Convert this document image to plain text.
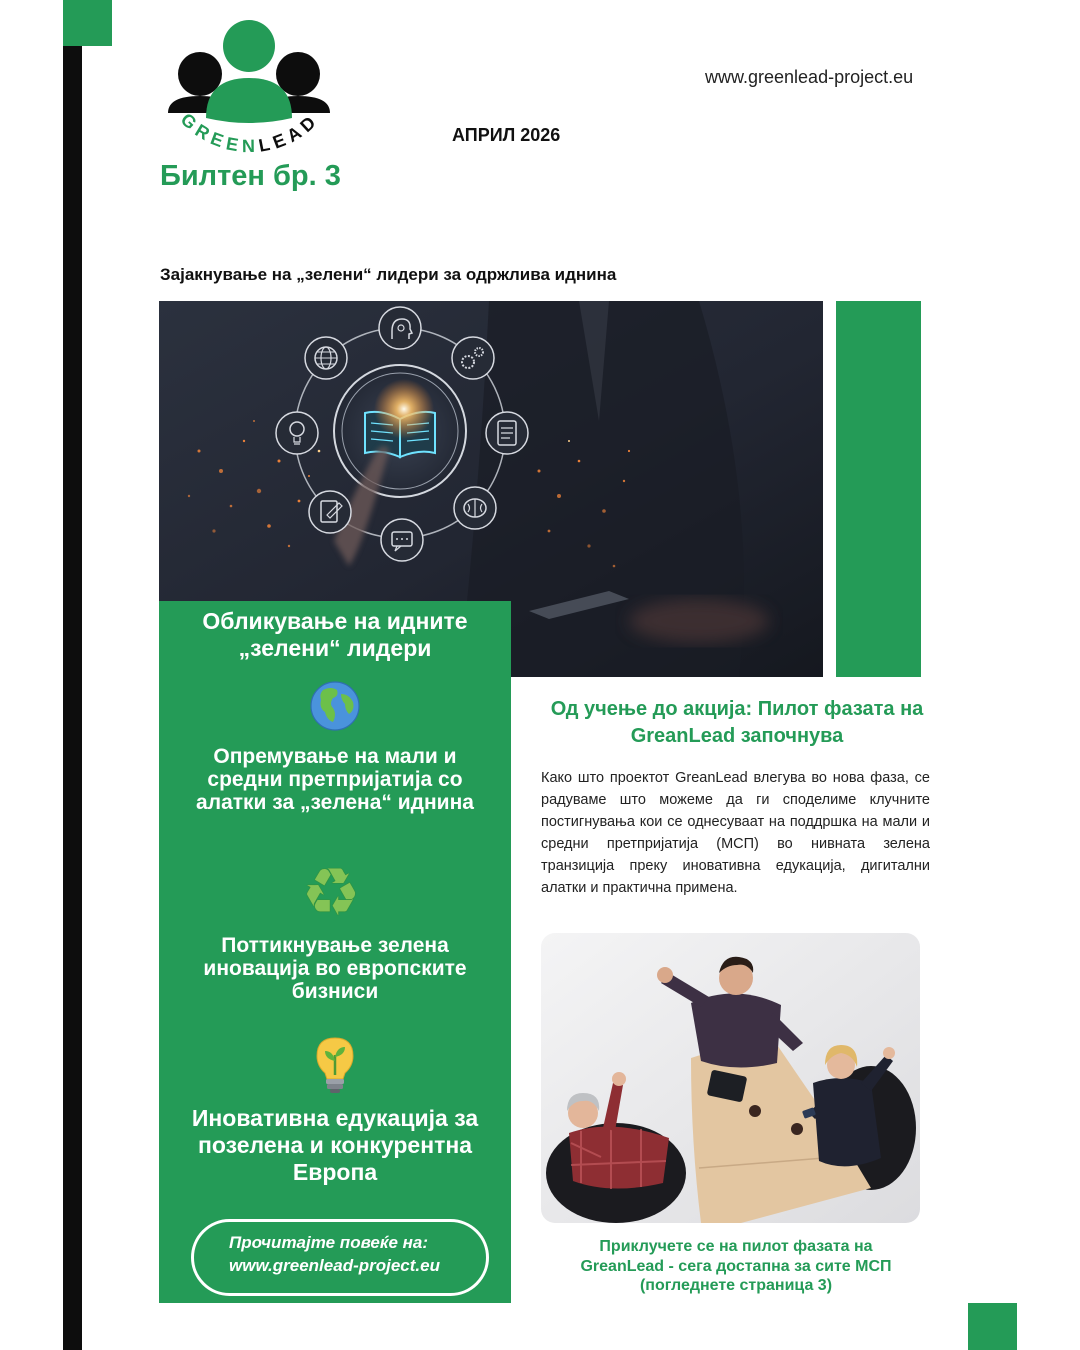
GREENLEAD
Билтен бр. 3
АПРИЛ 2026
www.greenlead-project.eu
Зајакнување на „зелени“ лидери за одржлива иднина
Обликување на идните „зелени“ лидери
Опремување на мали и средни претпријатија со алатки за „зелена“ иднина
♻
Поттикнување зелена иновација во европските бизниси
Иновативна едукација за позелена и конкурентна Европа
Прочитајте повеќе на:
www.greenlead-project.eu
Од учење до акција: Пилот фазата на GreanLead започнува
Како што проектот GreanLead влегува во нова фаза, се радуваме што можеме да ги споделиме клучните постигнувања кои се однесуваат на поддршка на мали и средни претпријатија (МСП) во нивната зелена транзиција преку иновативна едукација, дигитални алатки и практична примена.
Приклучете се на пилот фазата на GreanLead - сега достапна за сите МСП (погледнете страница 3)
